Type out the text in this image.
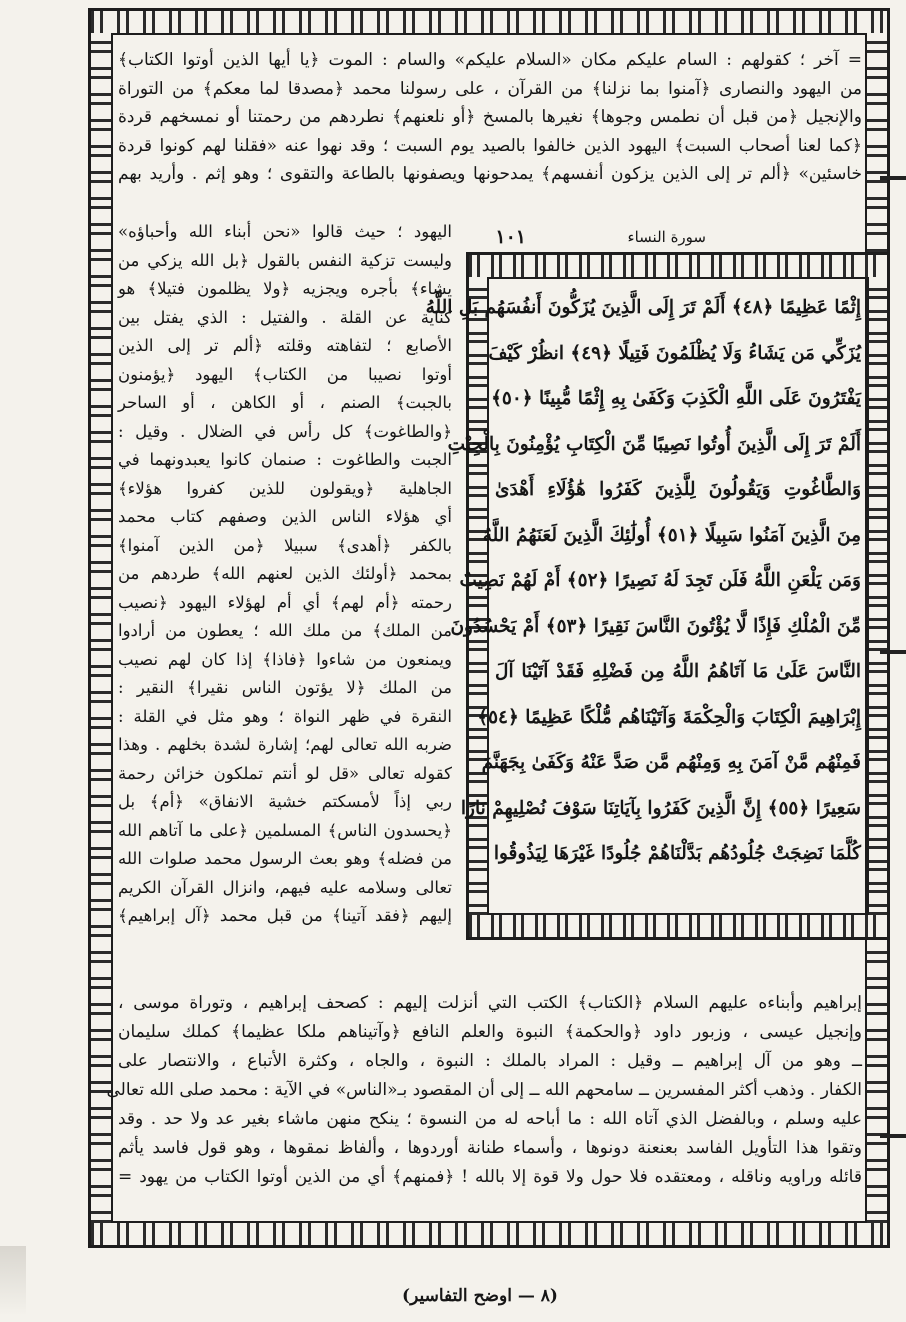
= آخر ؛ كقولهم : السام عليكم مكان «السلام عليكم» والسام : الموت ﴿يا أيها الذين أوتوا الكتاب﴾
من اليهود والنصارى ﴿آمنوا بما نزلنا﴾ من القرآن ، على رسولنا محمد ﴿مصدقا لما معكم﴾ من التوراة
والإنجيل ﴿من قبل أن نطمس وجوها﴾ نغيرها بالمسخ ﴿أو نلعنهم﴾ نطردهم من رحمتنا أو نمسخهم قردة
﴿كما لعنا أصحاب السبت﴾ اليهود الذين خالفوا بالصيد يوم السبت ؛ وقد نهوا عنه «فقلنا لهم كونوا قردة
خاسئين» ﴿ألم تر إلى الذين يزكون أنفسهم﴾ يمدحونها ويصفونها بالطاعة والتقوى ؛ وهو إثم . وأريد بهم
سورة النساء
١٠١
إِثْمًا عَظِيمًا ﴿٤٨﴾ أَلَمْ تَرَ إِلَى الَّذِينَ يُزَكُّونَ أَنفُسَهُم بَلِ اللَّهُ
يُزَكِّي مَن يَشَاءُ وَلَا يُظْلَمُونَ فَتِيلًا ﴿٤٩﴾ انظُرْ كَيْفَ
يَفْتَرُونَ عَلَى اللَّهِ الْكَذِبَ وَكَفَىٰ بِهِ إِثْمًا مُّبِينًا ﴿٥٠﴾
أَلَمْ تَرَ إِلَى الَّذِينَ أُوتُوا نَصِيبًا مِّنَ الْكِتَابِ يُؤْمِنُونَ بِالْجِبْتِ
وَالطَّاغُوتِ وَيَقُولُونَ لِلَّذِينَ كَفَرُوا هَٰؤُلَاءِ أَهْدَىٰ
مِنَ الَّذِينَ آمَنُوا سَبِيلًا ﴿٥١﴾ أُولَٰئِكَ الَّذِينَ لَعَنَهُمُ اللَّهُ
وَمَن يَلْعَنِ اللَّهُ فَلَن تَجِدَ لَهُ نَصِيرًا ﴿٥٢﴾ أَمْ لَهُمْ نَصِيبٌ
مِّنَ الْمُلْكِ فَإِذًا لَّا يُؤْتُونَ النَّاسَ نَقِيرًا ﴿٥٣﴾ أَمْ يَحْسُدُونَ
النَّاسَ عَلَىٰ مَا آتَاهُمُ اللَّهُ مِن فَضْلِهِ فَقَدْ آتَيْنَا آلَ
إِبْرَاهِيمَ الْكِتَابَ وَالْحِكْمَةَ وَآتَيْنَاهُم مُّلْكًا عَظِيمًا ﴿٥٤﴾
فَمِنْهُم مَّنْ آمَنَ بِهِ وَمِنْهُم مَّن صَدَّ عَنْهُ وَكَفَىٰ بِجَهَنَّمَ
سَعِيرًا ﴿٥٥﴾ إِنَّ الَّذِينَ كَفَرُوا بِآيَاتِنَا سَوْفَ نُصْلِيهِمْ نَارًا
كُلَّمَا نَضِجَتْ جُلُودُهُم بَدَّلْنَاهُمْ جُلُودًا غَيْرَهَا لِيَذُوقُوا
اليهود ؛ حيث قالوا «نحن أبناء الله وأحباؤه»
وليست تزكية النفس بالقول ﴿بل الله يزكي من
يشاء﴾ بأجره ويجزيه ﴿ولا يظلمون فتيلا﴾ هو
كناية عن القلة . والفتيل : الذي يفتل بين
الأصابع ؛ لتفاهته وقلته ﴿ألم تر إلى الذين
أوتوا نصيبا من الكتاب﴾ اليهود ﴿يؤمنون
بالجبت﴾ الصنم ، أو الكاهن ، أو الساحر
﴿والطاغوت﴾ كل رأس في الضلال . وقيل :
الجبت والطاغوت : صنمان كانوا يعبدونهما في
الجاهلية ﴿ويقولون للذين كفروا هؤلاء﴾
أي هؤلاء الناس الذين وصفهم كتاب محمد
بالكفر ﴿أهدى﴾ سبيلا ﴿من الذين آمنوا﴾
بمحمد ﴿أولئك الذين لعنهم الله﴾ طردهم من
رحمته ﴿أم لهم﴾ أي أم لهؤلاء اليهود ﴿نصيب
من الملك﴾ من ملك الله ؛ يعطون من أرادوا
ويمنعون من شاءوا ﴿فاذا﴾ إذا كان لهم نصيب
من الملك ﴿لا يؤتون الناس نقيرا﴾ النقير :
النقرة في ظهر النواة ؛ وهو مثل في القلة :
ضربه الله تعالى لهم؛ إشارة لشدة بخلهم . وهذا
كقوله تعالى «قل لو أنتم تملكون خزائن رحمة
ربي إذاً لأمسكتم خشية الانفاق» ﴿أم﴾ بل
﴿يحسدون الناس﴾ المسلمين ﴿على ما آتاهم الله
من فضله﴾ وهو بعث الرسول محمد صلوات الله
تعالى وسلامه عليه فيهم، وانزال القرآن الكريم
إليهم ﴿فقد آتينا﴾ من قبل محمد ﴿آل إبراهيم﴾
إبراهيم وأبناءه عليهم السلام ﴿الكتاب﴾ الكتب التي أنزلت إليهم : كصحف إبراهيم ، وتوراة موسى ،
وإنجيل عيسى ، وزبور داود ﴿والحكمة﴾ النبوة والعلم النافع ﴿وآتيناهم ملكا عظيما﴾ كملك سليمان
ــ وهو من آل إبراهيم ــ وقيل : المراد بالملك : النبوة ، والجاه ، وكثرة الأتباع ، والانتصار على
الكفار . وذهب أكثر المفسرين ــ سامحهم الله ــ إلى أن المقصود بـ«الناس» في الآية : محمد صلى الله تعالى
عليه وسلم ، وبالفضل الذي آتاه الله : ما أباحه له من النسوة ؛ ينكح منهن ماشاء بغير عد ولا حد . وقد
وتقوا هذا التأويل الفاسد بعنعنة دونوها ، وأسماء طنانة أوردوها ، وألفاظ نمقوها ، وهو قول فاسد يأثم
قائله وراويه وناقله ، ومعتقده فلا حول ولا قوة إلا بالله ! ﴿فمنهم﴾ أي من الذين أوتوا الكتاب من يهود =
(٨ — اوضح التفاسير)
